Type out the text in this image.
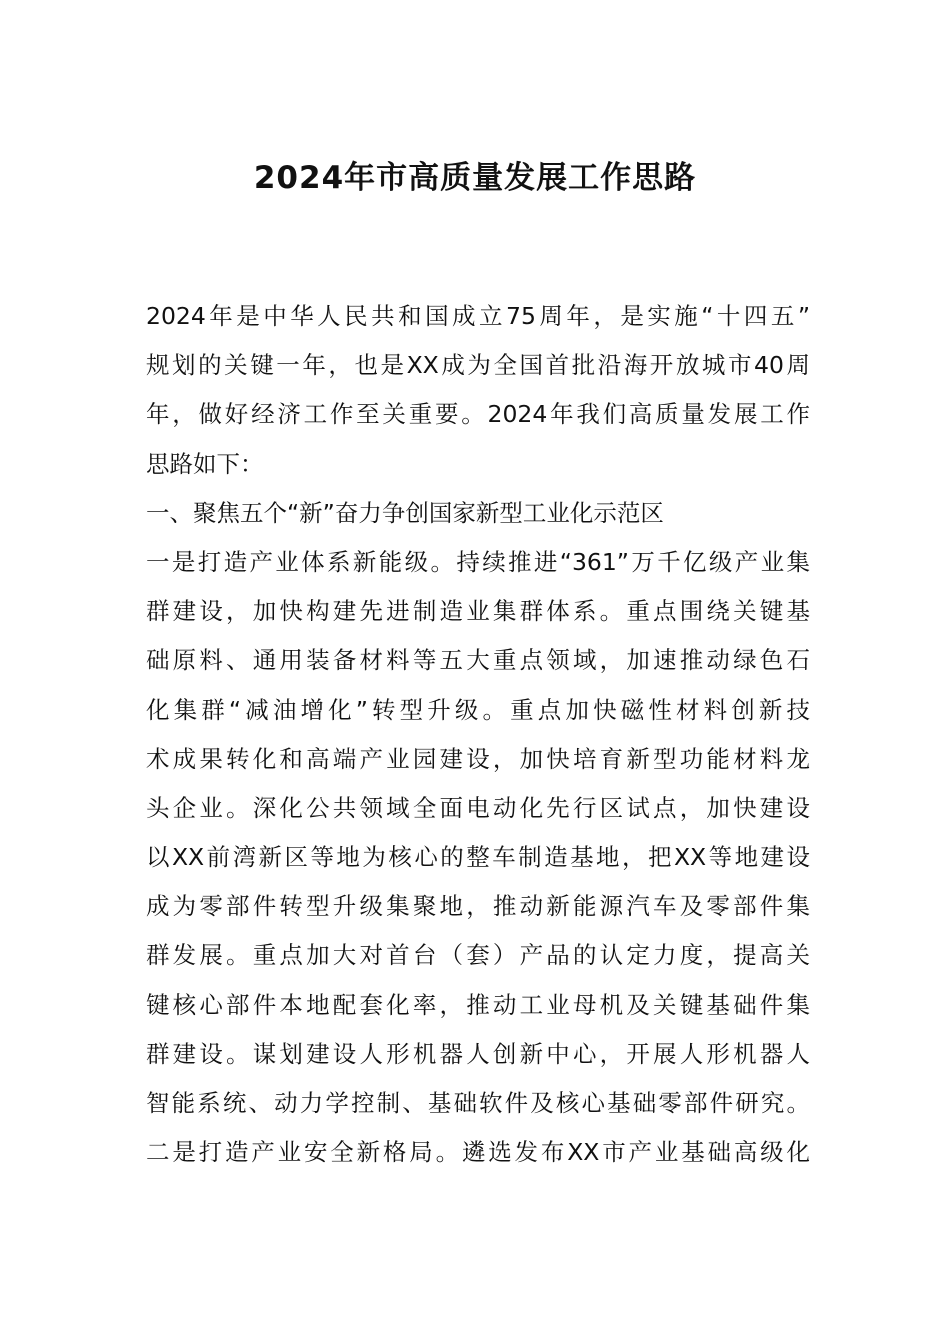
2024年市高质量发展工作思路
2024年是中华人民共和国成立75周年，是实施“十四五”
规划的关键一年，也是XX成为全国首批沿海开放城市40周
年，做好经济工作至关重要。2024年我们高质量发展工作
思路如下：
一、聚焦五个“新”奋力争创国家新型工业化示范区
一是打造产业体系新能级。持续推进“361”万千亿级产业集
群建设，加快构建先进制造业集群体系。重点围绕关键基
础原料、通用装备材料等五大重点领域，加速推动绿色石
化集群“减油增化”转型升级。重点加快磁性材料创新技
术成果转化和高端产业园建设，加快培育新型功能材料龙
头企业。深化公共领域全面电动化先行区试点，加快建设
以XX前湾新区等地为核心的整车制造基地，把XX等地建设
成为零部件转型升级集聚地，推动新能源汽车及零部件集
群发展。重点加大对首台（套）产品的认定力度，提高关
键核心部件本地配套化率，推动工业母机及关键基础件集
群建设。谋划建设人形机器人创新中心，开展人形机器人
智能系统、动力学控制、基础软件及核心基础零部件研究。
二是打造产业安全新格局。遴选发布XX市产业基础高级化
